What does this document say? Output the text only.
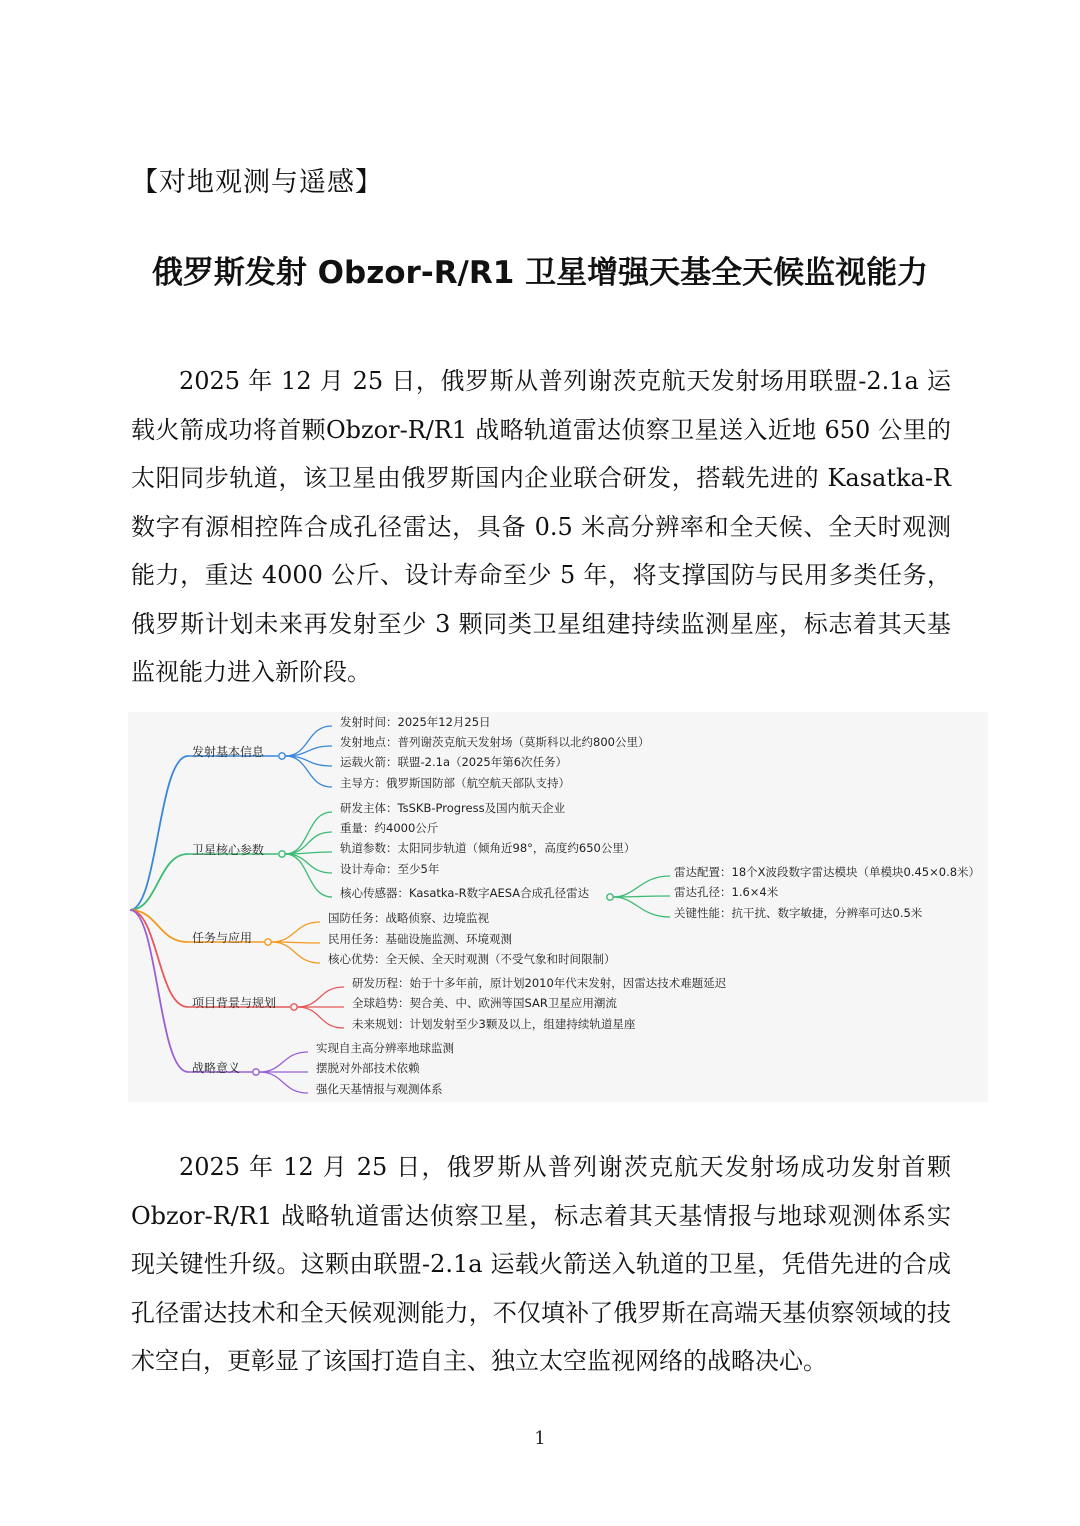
【对地观测与遥感】
俄罗斯发射 Obzor-R/R1 卫星增强天基全天候监视能力

2025 年 12 月 25 日，俄罗斯从普列谢茨克航天发射场用联盟-2.1a 运载火箭成功将首颗Obzor-R/R1 战略轨道雷达侦察卫星送入近地 650 公里的太阳同步轨道，该卫星由俄罗斯国内企业联合研发，搭载先进的 Kasatka-R 数字有源相控阵合成孔径雷达，具备 0.5 米高分辨率和全天候、全天时观测能力，重达 4000 公斤、设计寿命至少 5 年，将支撑国防与民用多类任务，俄罗斯计划未来再发射至少 3 颗同类卫星组建持续监测星座，标志着其天基监视能力进入新阶段。

发射基本信息
发射时间：2025年12月25日
发射地点：普列谢茨克航天发射场（莫斯科以北约800公里）
运载火箭：联盟-2.1a（2025年第6次任务）
主导方：俄罗斯国防部（航空航天部队支持）
卫星核心参数
研发主体：TsSKB-Progress及国内航天企业
重量：约4000公斤
轨道参数：太阳同步轨道（倾角近98°，高度约650公里）
设计寿命：至少5年
核心传感器：Kasatka-R数字AESA合成孔径雷达
雷达配置：18个X波段数字雷达模块（单模块0.45×0.8米）
雷达孔径：1.6×4米
关键性能：抗干扰、数字敏捷，分辨率可达0.5米
任务与应用
国防任务：战略侦察、边境监视
民用任务：基础设施监测、环境观测
核心优势：全天候、全天时观测（不受气象和时间限制）
项目背景与规划
研发历程：始于十多年前，原计划2010年代末发射，因雷达技术难题延迟
全球趋势：契合美、中、欧洲等国SAR卫星应用潮流
未来规划：计划发射至少3颗及以上，组建持续轨道星座
战略意义
实现自主高分辨率地球监测
摆脱对外部技术依赖
强化天基情报与观测体系

2025 年 12 月 25 日，俄罗斯从普列谢茨克航天发射场成功发射首颗Obzor-R/R1 战略轨道雷达侦察卫星，标志着其天基情报与地球观测体系实现关键性升级。这颗由联盟-2.1a 运载火箭送入轨道的卫星，凭借先进的合成孔径雷达技术和全天候观测能力，不仅填补了俄罗斯在高端天基侦察领域的技术空白，更彰显了该国打造自主、独立太空监视网络的战略决心。

1
